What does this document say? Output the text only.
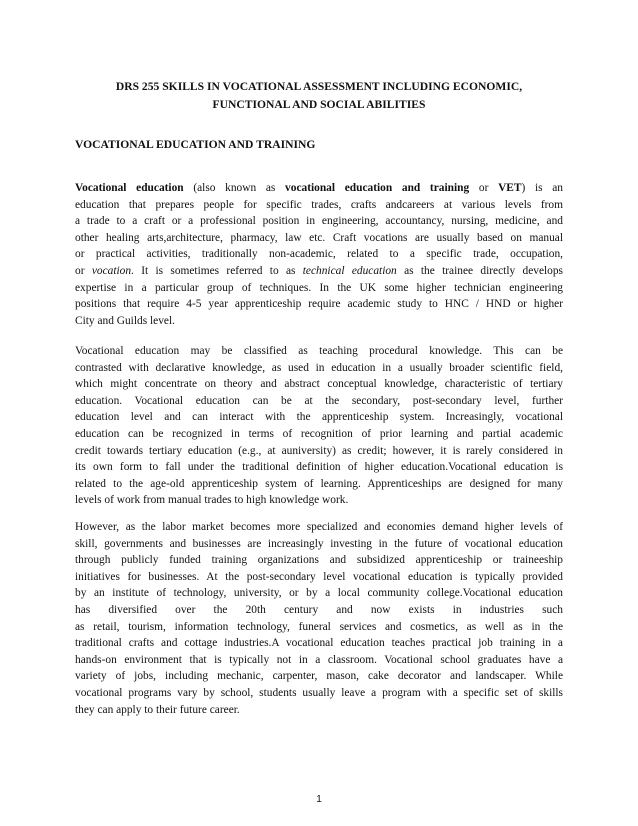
DRS 255 SKILLS IN VOCATIONAL ASSESSMENT INCLUDING ECONOMIC,
FUNCTIONAL AND SOCIAL ABILITIES
VOCATIONAL EDUCATION AND TRAINING
Vocational education (also known as vocational education and training or VET) is an
education that prepares people for specific trades, crafts andcareers at various levels from
a trade to a craft or a professional position in engineering, accountancy, nursing, medicine, and
other healing arts,architecture, pharmacy, law etc. Craft vocations are usually based on manual
or practical activities, traditionally non-academic, related to a specific trade, occupation,
or vocation. It is sometimes referred to as technical education as the trainee directly develops
expertise in a particular group of techniques. In the UK some higher technician engineering
positions that require 4-5 year apprenticeship require academic study to HNC / HND or higher
City and Guilds level.
Vocational education may be classified as teaching procedural knowledge. This can be
contrasted with declarative knowledge, as used in education in a usually broader scientific field,
which might concentrate on theory and abstract conceptual knowledge, characteristic of tertiary
education. Vocational education can be at the secondary, post-secondary level, further
education level and can interact with the apprenticeship system. Increasingly, vocational
education can be recognized in terms of recognition of prior learning and partial academic
credit towards tertiary education (e.g., at auniversity) as credit; however, it is rarely considered in
its own form to fall under the traditional definition of higher education.Vocational education is
related to the age-old apprenticeship system of learning. Apprenticeships are designed for many
levels of work from manual trades to high knowledge work.
However, as the labor market becomes more specialized and economies demand higher levels of
skill, governments and businesses are increasingly investing in the future of vocational education
through publicly funded training organizations and subsidized apprenticeship or traineeship
initiatives for businesses. At the post-secondary level vocational education is typically provided
by an institute of technology, university, or by a local community college.Vocational education
has diversified over the 20th century and now exists in industries such
as retail, tourism, information technology, funeral services and cosmetics, as well as in the
traditional crafts and cottage industries.A vocational education teaches practical job training in a
hands-on environment that is typically not in a classroom. Vocational school graduates have a
variety of jobs, including mechanic, carpenter, mason, cake decorator and landscaper. While
vocational programs vary by school, students usually leave a program with a specific set of skills
they can apply to their future career.
1
